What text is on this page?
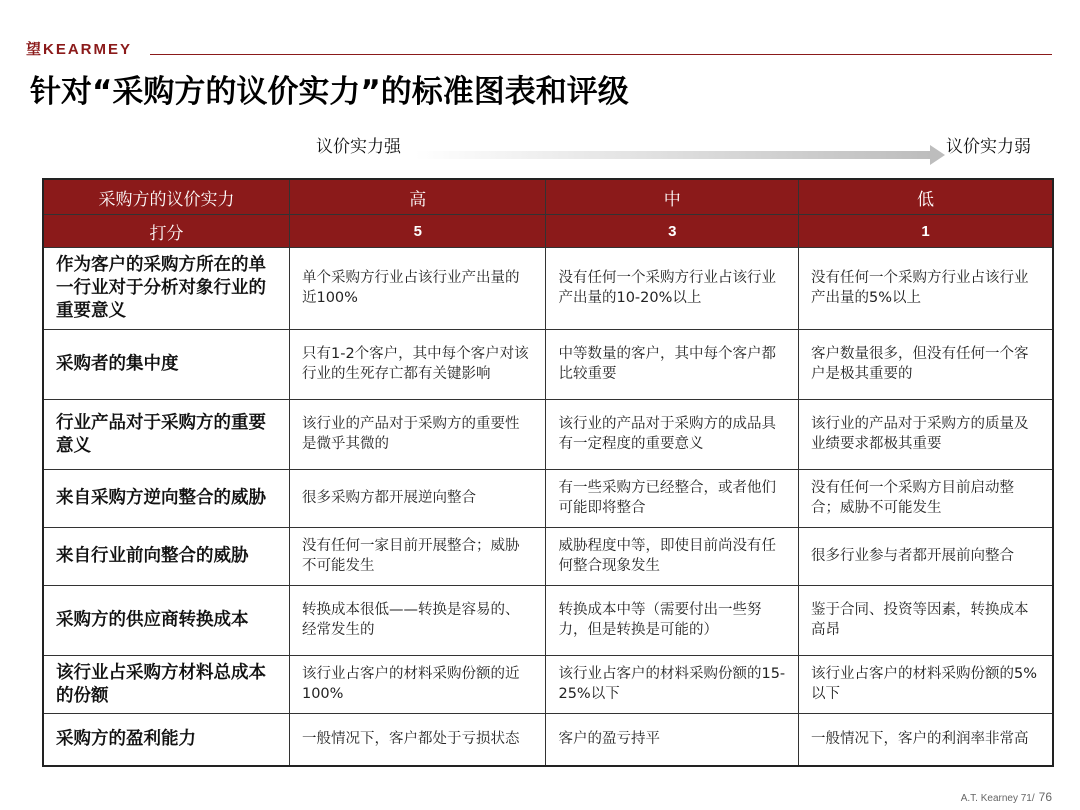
望KEARMEY
针对“采购方的议价实力”的标准图表和评级
议价实力强	议价实力弱
采购方的议价实力	高	中	低
打分	5	3	1
作为客户的采购方所在的单一行业对于分析对象行业的重要意义	单个采购方行业占该行业产出量的近100%	没有任何一个采购方行业占该行业产出量的10-20%以上	没有任何一个采购方行业占该行业产出量的5%以上
采购者的集中度	只有1-2个客户，其中每个客户对该行业的生死存亡都有关键影响	中等数量的客户，其中每个客户都比较重要	客户数量很多，但没有任何一个客户是极其重要的
行业产品对于采购方的重要意义	该行业的产品对于采购方的重要性是微乎其微的	该行业的产品对于采购方的成品具有一定程度的重要意义	该行业的产品对于采购方的质量及业绩要求都极其重要
来自采购方逆向整合的威胁	很多采购方都开展逆向整合	有一些采购方已经整合，或者他们可能即将整合	没有任何一个采购方目前启动整合；威胁不可能发生
来自行业前向整合的威胁	没有任何一家目前开展整合；威胁不可能发生	威胁程度中等，即使目前尚没有任何整合现象发生	很多行业参与者都开展前向整合
采购方的供应商转换成本	转换成本很低——转换是容易的、经常发生的	转换成本中等（需要付出一些努力，但是转换是可能的）	鉴于合同、投资等因素，转换成本高昂
该行业占采购方材料总成本的份额	该行业占客户的材料采购份额的近100%	该行业占客户的材料采购份额的15-25%以下	该行业占客户的材料采购份额的5%以下
采购方的盈利能力	一般情况下，客户都处于亏损状态	客户的盈亏持平	一般情况下，客户的利润率非常高
A.T. Kearney 71/ 76
